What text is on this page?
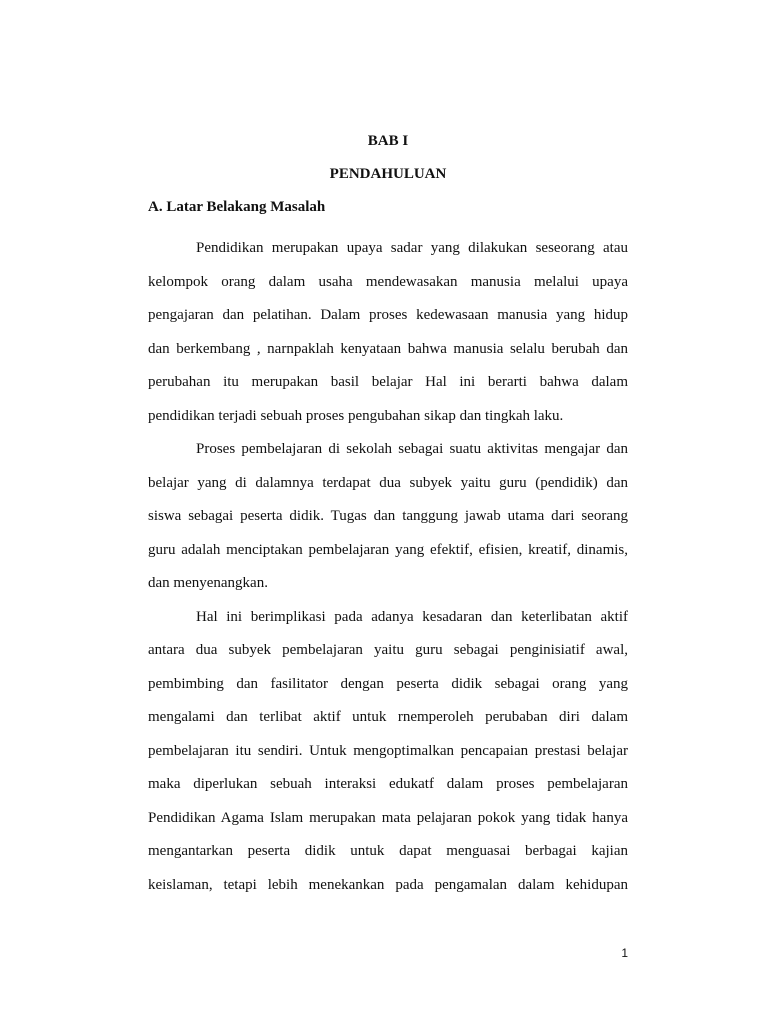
BAB I
PENDAHULUAN
A. Latar Belakang Masalah
Pendidikan merupakan upaya sadar yang dilakukan seseorang atau
kelompok orang dalam usaha mendewasakan manusia melalui upaya
pengajaran dan pelatihan. Dalam proses kedewasaan manusia yang hidup
dan berkembang , narnpaklah kenyataan bahwa manusia selalu berubah dan
perubahan itu merupakan basil belajar Hal ini berarti bahwa dalam
pendidikan terjadi sebuah proses pengubahan sikap dan tingkah laku.
Proses pembelajaran di sekolah sebagai suatu aktivitas mengajar dan
belajar yang di dalamnya terdapat dua subyek yaitu guru (pendidik) dan
siswa sebagai peserta didik. Tugas dan tanggung jawab utama dari seorang
guru adalah menciptakan pembelajaran yang efektif, efisien, kreatif, dinamis,
dan menyenangkan.
Hal ini berimplikasi pada adanya kesadaran dan keterlibatan aktif
antara dua subyek pembelajaran yaitu guru sebagai penginisiatif awal,
pembimbing dan fasilitator dengan peserta didik sebagai orang yang
mengalami dan terlibat aktif untuk rnemperoleh perubaban diri dalam
pembelajaran itu sendiri. Untuk mengoptimalkan pencapaian prestasi belajar
maka diperlukan sebuah interaksi edukatf dalam proses pembelajaran
Pendidikan Agama Islam merupakan mata pelajaran pokok yang tidak hanya
mengantarkan peserta didik untuk dapat menguasai berbagai kajian
keislaman, tetapi lebih menekankan pada pengamalan dalam kehidupan
1
